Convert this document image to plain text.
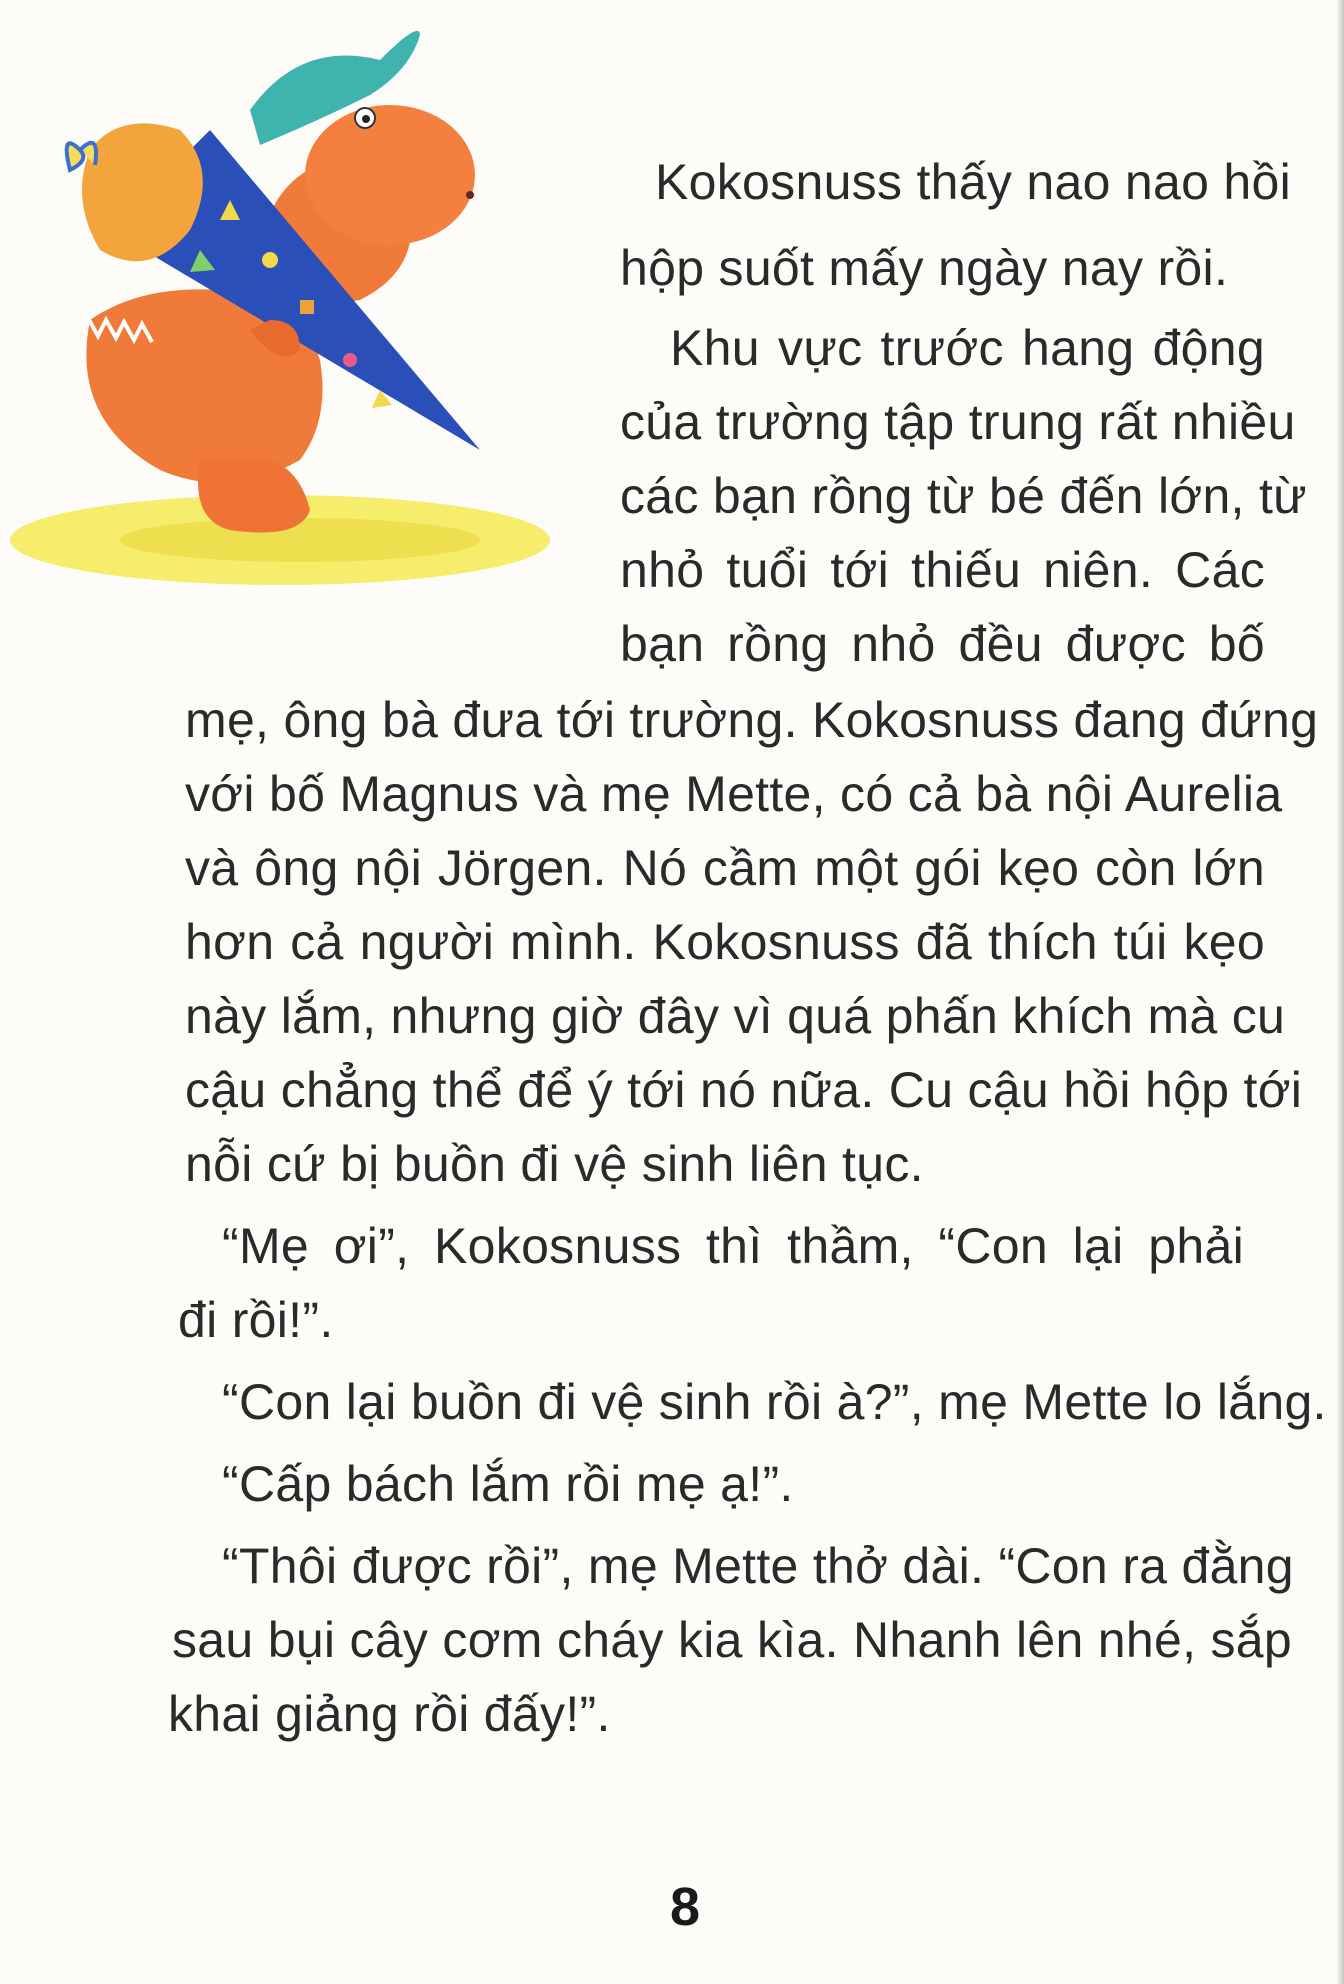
Kokosnuss thấy nao nao hồi
hộp suốt mấy ngày nay rồi.
Khu vực trước hang động
của trường tập trung rất nhiều
các bạn rồng từ bé đến lớn, từ
nhỏ tuổi tới thiếu niên. Các
bạn rồng nhỏ đều được bố
mẹ, ông bà đưa tới trường. Kokosnuss đang đứng
với bố Magnus và mẹ Mette, có cả bà nội Aurelia
và ông nội Jörgen. Nó cầm một gói kẹo còn lớn
hơn cả người mình. Kokosnuss đã thích túi kẹo
này lắm, nhưng giờ đây vì quá phấn khích mà cu
cậu chẳng thể để ý tới nó nữa. Cu cậu hồi hộp tới
nỗi cứ bị buồn đi vệ sinh liên tục.
“Mẹ ơi”, Kokosnuss thì thầm, “Con lại phải
đi rồi!”.
“Con lại buồn đi vệ sinh rồi à?”, mẹ Mette lo lắng.
“Cấp bách lắm rồi mẹ ạ!”.
“Thôi được rồi”, mẹ Mette thở dài. “Con ra đằng
sau bụi cây cơm cháy kia kìa. Nhanh lên nhé, sắp
khai giảng rồi đấy!”.
8
